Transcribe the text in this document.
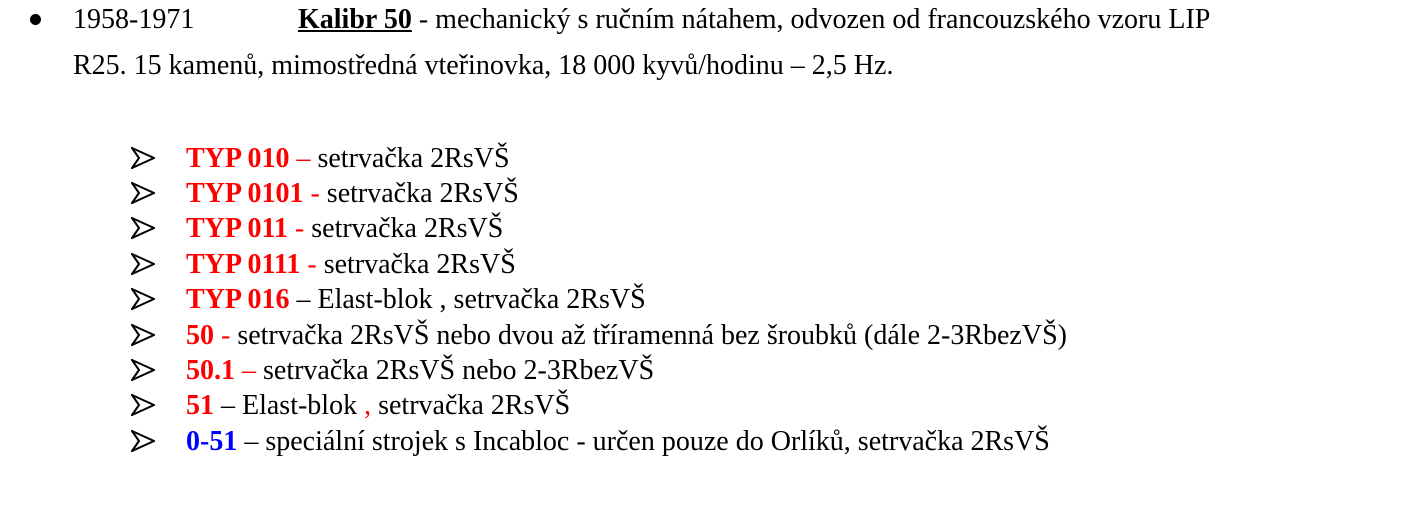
1958-1971	Kalibr 50 - mechanický s ručním nátahem, odvozen od francouzského vzoru LIP
R25. 15 kamenů, mimostředná vteřinovka, 18 000 kyvů/hodinu – 2,5 Hz.
TYP 010 – setrvačka 2RsVŠ
TYP 0101 - setrvačka 2RsVŠ
TYP 011 - setrvačka 2RsVŠ
TYP 0111 - setrvačka 2RsVŠ
TYP 016 – Elast-blok , setrvačka 2RsVŠ
50 - setrvačka 2RsVŠ nebo dvou až tříramenná bez šroubků (dále 2-3RbezVŠ)
50.1 – setrvačka 2RsVŠ nebo 2-3RbezVŠ
51 – Elast-blok , setrvačka 2RsVŠ
0-51 – speciální strojek s Incabloc - určen pouze do Orlíků, setrvačka 2RsVŠ
